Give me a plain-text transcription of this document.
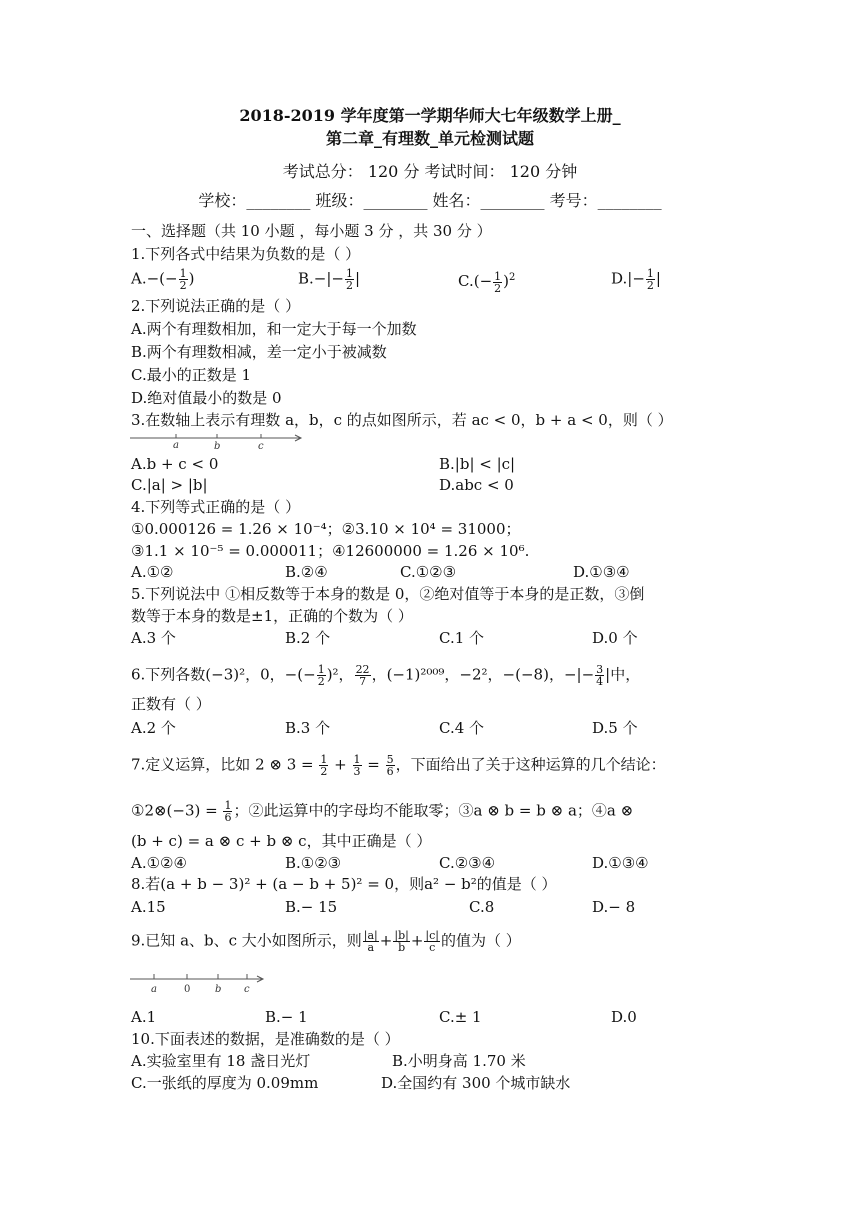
2018-2019 学年度第一学期华师大七年级数学上册_
第二章_有理数_单元检测试题
考试总分： 120 分 考试时间： 120 分钟
学校：________ 班级：________ 姓名：________ 考号：________
一、选择题（共 10 小题 ，每小题 3 分 ，共 30 分 ）
1.下列各式中结果为负数的是（ ）
$A.-(- \frac{1}{2}$ )	$B.-|- \frac{1}{2}$ |	$C.(- \frac{1}{2} )^2$	$D.|- \frac{1}{2}$ |
2.下列说法正确的是（ ）
A.两个有理数相加，和一定大于每一个加数
B.两个有理数相减，差一定小于被减数
C.最小的正数是 1
D.绝对值最小的数是 0
3.在数轴上表示有理数 a，b，c 的点如图所示，若 ac < 0，b + a < 0，则（ ）
a	b	c
A.b + c < 0	B.|b| < |c|
C.|a| > |b|	D.abc < 0
4.下列等式正确的是（ ）
①0.000126 = 1.26 × 10⁻⁴；②3.10 × 10⁴ = 31000；
③1.1 × 10⁻⁵ = 0.000011；④12600000 = 1.26 × 10⁶.
A.①②	B.②④	C.①②③	D.①③④
5.下列说法中 ①相反数等于本身的数是 0，②绝对值等于本身的是正数，③倒
数等于本身的数是±1，正确的个数为（ ）
A.3 个	B.2 个	C.1 个	D.0 个
6.下列各数(−3)²，0，−(− $\frac{1}{2} )^2$， $\frac{22}{7}$ ，(−1)²⁰⁰⁹，−2²，−(−8)，−|− $\frac{3}{4}$ |中，
正数有（ ）
A.2 个	B.3 个	C.4 个	D.5 个
7.定义运算，比如 2 ⊗ $3 = \frac{1}{2} + \frac{1}{3} = \frac{5}{6}$ ，下面给出了关于这种运算的几个结论：
①2⊗(−3) = $\frac{1}{6}$ ；②此运算中的字母均不能取零；③a ⊗ b = b ⊗ a；④a ⊗
(b + c) = a ⊗ c + b ⊗ c，其中正确是（ ）
A.①②④	B.①②③	C.②③④	D.①③④
8.若(a + b − 3)² + (a − b + 5)² = 0，则a² − b²的值是（ ）
A.15	B.− 15	C.8	D.− 8
9.已知 a、b、c 大小如图所示，则 $\frac{|a|}{a} + \frac{|b|}{b} + \frac{|c|}{c}$ 的值为（ ）
a	0 b c
A.1	B.− 1	C.± 1	D.0
10.下面表述的数据，是准确数的是（ ）
A.实验室里有 18 盏日光灯	B.小明身高 1.70 米
C.一张纸的厚度为 0.09mm	D.全国约有 300 个城市缺水
